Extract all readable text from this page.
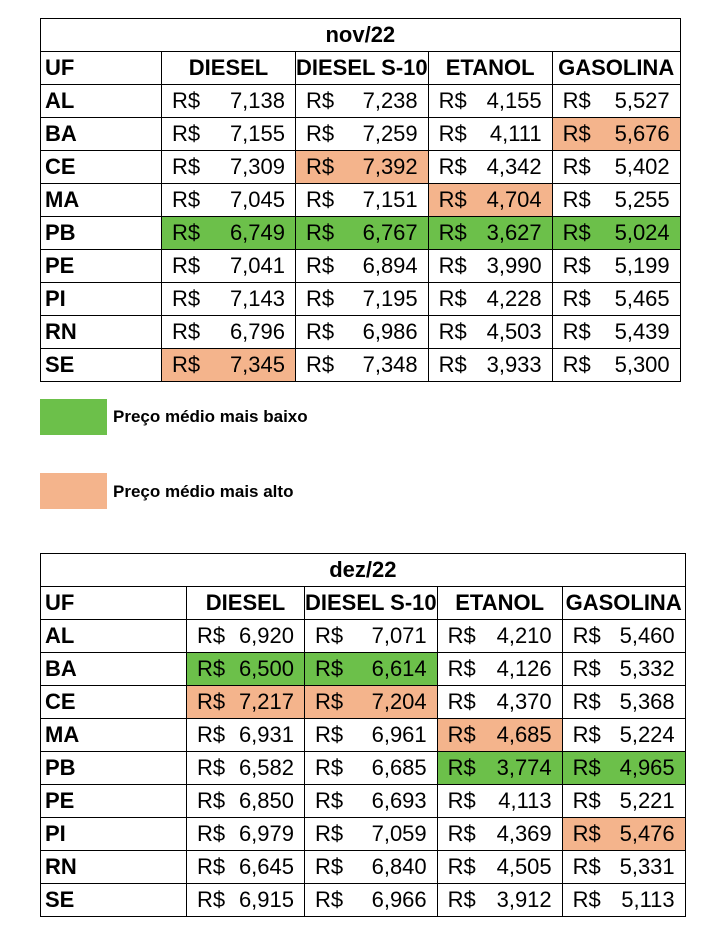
nov/22				
UF	DIESEL	DIESEL S-10	ETANOL	GASOLINA
AL	R$ 7,138	R$ 7,238	R$ 4,155	R$ 5,527

BA	R$ 7,155	R$ 7,259	R$ 4,111	R$ 5,676

CE	R$ 7,309	R$ 7,392	R$ 4,342	R$ 5,402

MA	R$ 7,045	R$ 7,151	R$ 4,704	R$ 5,255

PB	R$ 6,749	R$ 6,767	R$ 3,627	R$ 5,024

PE	R$ 7,041	R$ 6,894	R$ 3,990	R$ 5,199

PI	R$ 7,143	R$ 7,195	R$ 4,228	R$ 5,465

RN	R$ 6,796	R$ 6,986	R$ 4,503	R$ 5,439

SE	R$ 7,345	R$ 7,348	R$ 3,933	R$ 5,300
Preço médio mais baixo
Preço médio mais alto
dez/22				
UF	DIESEL	DIESEL S-10	ETANOL	GASOLINA
AL	R$ 6,920	R$ 7,071	R$ 4,210	R$ 5,460

BA	R$ 6,500	R$ 6,614	R$ 4,126	R$ 5,332

CE	R$ 7,217	R$ 7,204	R$ 4,370	R$ 5,368

MA	R$ 6,931	R$ 6,961	R$ 4,685	R$ 5,224

PB	R$ 6,582	R$ 6,685	R$ 3,774	R$ 4,965

PE	R$ 6,850	R$ 6,693	R$ 4,113	R$ 5,221

PI	R$ 6,979	R$ 7,059	R$ 4,369	R$ 5,476

RN	R$ 6,645	R$ 6,840	R$ 4,505	R$ 5,331

SE	R$ 6,915	R$ 6,966	R$ 3,912	R$ 5,113
